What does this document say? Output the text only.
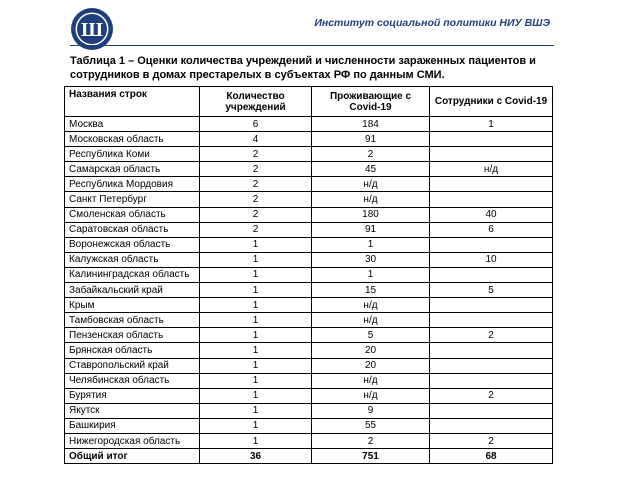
Ш	Институт социальной политики НИУ ВШЭ
Таблица 1 – Оценки количества учреждений и численности зараженных пациентов и сотрудников в домах престарелых в субъектах РФ по данным СМИ.
Названия строк	Количество учреждений	Проживающие с Covid-19	Сотрудники с Covid-19
Москва	6	184	1
Московская область	4	91	
Республика Коми	2	2	
Самарская область	2	45	н/д
Республика Мордовия	2	н/д	
Санкт Петербург	2	н/д	
Смоленская область	2	180	40
Саратовская область	2	91	6
Воронежская область	1	1	
Калужская область	1	30	10
Калининградская область	1	1	
Забайкальский край	1	15	5
Крым	1	н/д	
Тамбовская область	1	н/д	
Пензенская область	1	5	2
Брянская область	1	20	
Ставропольский край	1	20	
Челябинская область	1	н/д	
Бурятия	1	н/д	2
Якутск	1	9	
Башкирия	1	55	
Нижегородская область	1	2	2
Общий итог	36	751	68
